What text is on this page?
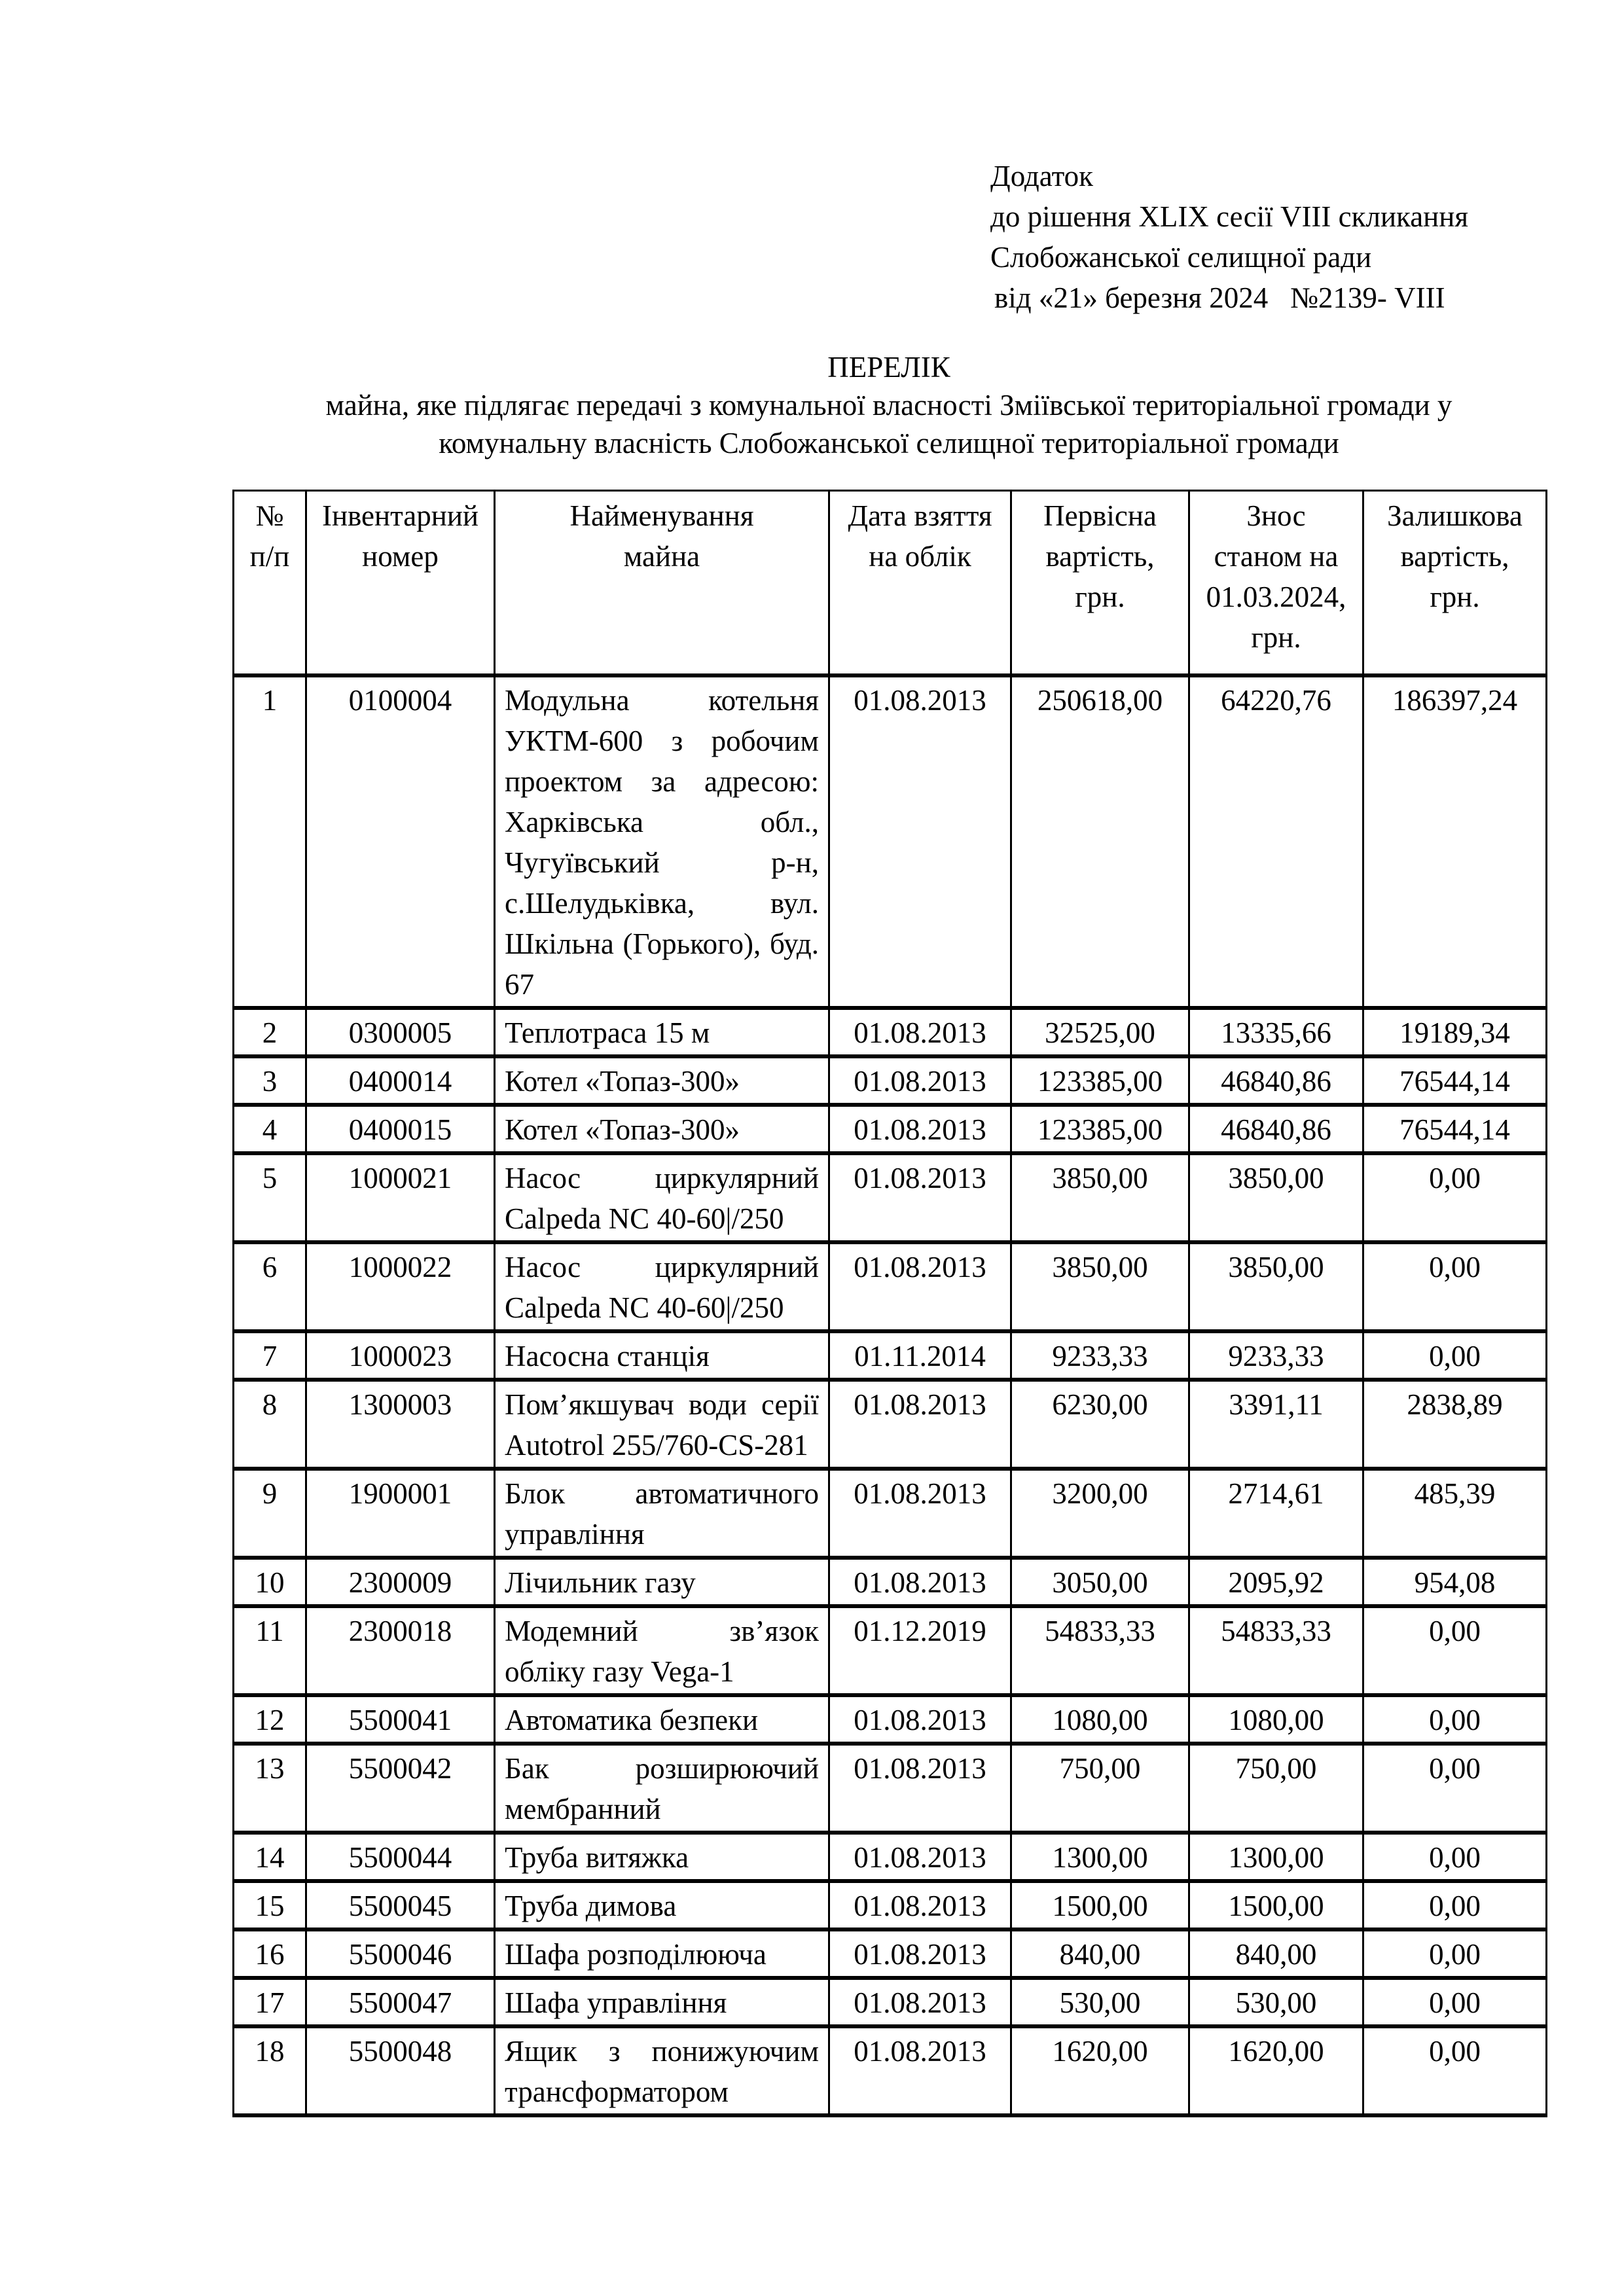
Додаток
до рішення XLIX сесії VIII скликання
Слобожанської селищної ради
від «21» березня 2024   №2139- VIII
ПЕРЕЛІК
майна, яке підлягає передачі з комунальної власності Зміївської територіальної громади у
комунальну власність Слобожанської селищної територіальної громади
№ п/п	Інвентарний номер	Найменування майна	Дата взяття на облік	Первісна вартість, грн.	Знос станом на 01.03.2024, грн.	Залишкова вартість, грн.
1	0100004	Модульна котельня УКТМ-600 з робочим проектом за адресою: Харківська обл., Чугуївський р-н, с.Шелудьківка, вул. Шкільна (Горького), буд. 67	01.08.2013	250618,00	64220,76	186397,24
2	0300005	Теплотраса 15 м	01.08.2013	32525,00	13335,66	19189,34
3	0400014	Котел «Топаз-300»	01.08.2013	123385,00	46840,86	76544,14
4	0400015	Котел «Топаз-300»	01.08.2013	123385,00	46840,86	76544,14
5	1000021	Насос циркулярний Calpeda NC 40-60|/250	01.08.2013	3850,00	3850,00	0,00
6	1000022	Насос циркулярний Calpeda NC 40-60|/250	01.08.2013	3850,00	3850,00	0,00
7	1000023	Насосна станція	01.11.2014	9233,33	9233,33	0,00
8	1300003	Пом’якшувач води серії Autotrol 255/760-CS-281	01.08.2013	6230,00	3391,11	2838,89
9	1900001	Блок автоматичного управління	01.08.2013	3200,00	2714,61	485,39
10	2300009	Лічильник газу	01.08.2013	3050,00	2095,92	954,08
11	2300018	Модемний зв’язок обліку газу Vega-1	01.12.2019	54833,33	54833,33	0,00
12	5500041	Автоматика безпеки	01.08.2013	1080,00	1080,00	0,00
13	5500042	Бак розширюючий мембранний	01.08.2013	750,00	750,00	0,00
14	5500044	Труба витяжка	01.08.2013	1300,00	1300,00	0,00
15	5500045	Труба димова	01.08.2013	1500,00	1500,00	0,00
16	5500046	Шафа розподілююча	01.08.2013	840,00	840,00	0,00
17	5500047	Шафа управління	01.08.2013	530,00	530,00	0,00
18	5500048	Ящик з понижуючим трансформатором	01.08.2013	1620,00	1620,00	0,00
